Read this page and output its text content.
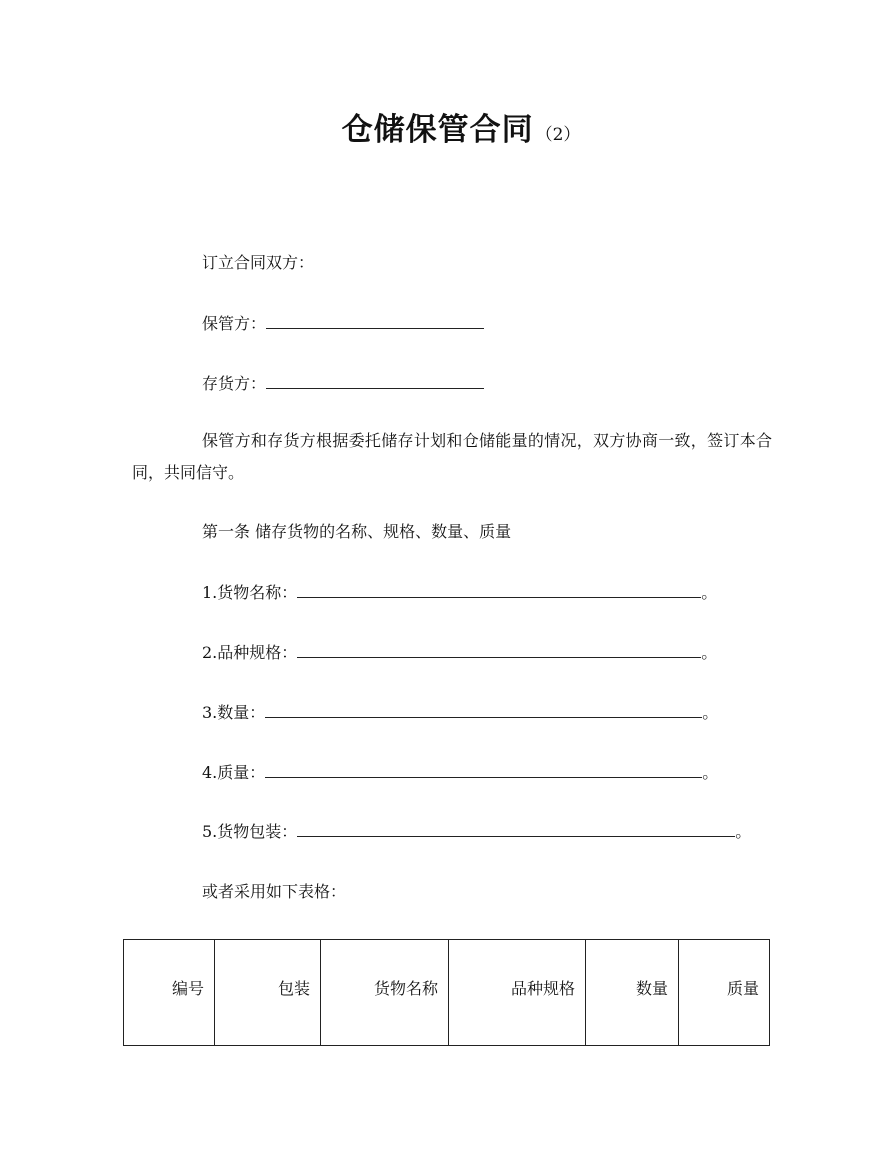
仓储保管合同 （2）
订立合同双方：
保管方：
存货方：
保管方和存货方根据委托储存计划和仓储能量的情况，双方协商一致，签订本合同，共同信守。
第一条 储存货物的名称、规格、数量、质量
1.货物名称：	。
2.品种规格：	。
3.数量：	。
4.质量：	。
5.货物包装：	。
或者采用如下表格：
编号	包装	货物名称	品种规格	数量	质量
